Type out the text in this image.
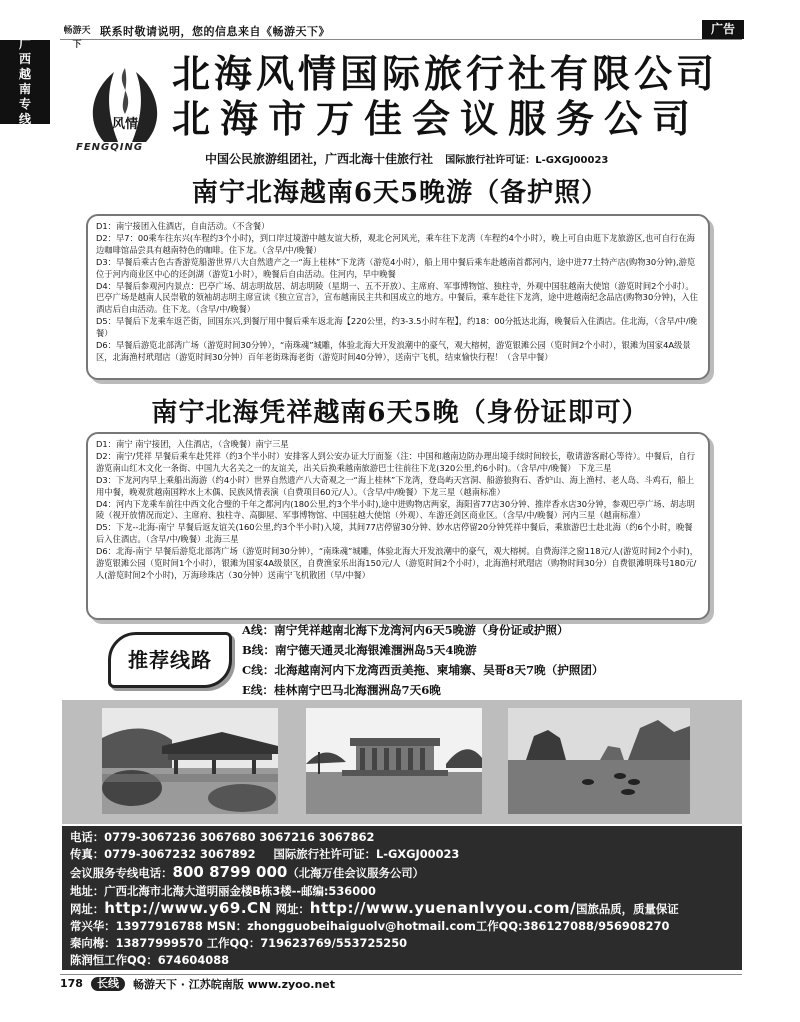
畅游天下
联系时敬请说明，您的信息来自《畅游天下》	广告
广
西
越
南
专
线	风情
FENGQING
北海风情国际旅行社有限公司
北海市万佳会议服务公司
中国公民旅游组团社，广西北海十佳旅行社 国际旅行社许可证：L-GXGJ00023
南宁北海越南6天5晚游（备护照）
D1：南宁接团入住酒店，自由活动。（不含餐）
D2：早7：00乘车往东兴(车程约3个小时)，到口岸过境游中越友谊大桥，观北仑河风光，乘车往下龙湾（车程约4个小时），晚上可自由逛下龙旅游区,也可自行在海边咖啡馆品尝具有越南特色的咖啡。住下龙。（含早/中/晚餐）
D3：早餐后乘古色古香游览船游世界八大自然遗产之一“海上桂林”下龙湾（游览4小时），船上用中餐后乘车赴越南首都河内，途中进77土特产店(购物30分钟),游览位于河内商业区中心的还剑湖（游览1小时），晚餐后自由活动。住河内，早中晚餐
D4：早餐后参观河内景点：巴亭广场、胡志明故居、胡志明陵（星期一、五不开放）、主席府、军事博物馆、独柱寺，外观中国驻越南大使馆（游览时间2个小时）。巴亭广场是越南人民崇敬的领袖胡志明主席宣读《独立宣言》，宣布越南民主共和国成立的地方。中餐后，乘车赴往下龙湾，途中进越南纪念品店(购物30分钟)，入住酒店后自由活动。住下龙。（含早/中/晚餐）
D5：早餐后下龙乘车返芒街，回国东兴,到餐厅用中餐后乘车返北海【220公里，约3-3.5小时车程】，约18：00分抵达北海，晚餐后入住酒店。住北海，（含早/中/晚餐）
D6：早餐后游览北部湾广场（游览时间30分钟），“南珠魂”城雕，体验北海大开发浪潮中的豪气，观大榕树，游览银滩公园（览时间2个小时），银滩为国家4A级景区，北海渔村玳瑁店（游览时间30分钟）百年老街珠海老街（游览时间40分钟），送南宁飞机，结束愉快行程！（含早中餐）
南宁北海凭祥越南6天5晚（身份证即可）
D1：南宁 南宁接团，入住酒店，（含晚餐）南宁三星
D2：南宁/凭祥 早餐后乘车赴凭祥（约3个半小时）安排客人到公安办证大厅面鉴（注：中国和越南边防办理出境手续时间较长，敬请游客耐心等待）。中餐后，自行游览南山红木文化一条街、中国九大名关之一的友谊关，出关后换乘越南旅游巴士往前往下龙(320公里,约6小时)。（含早/中/晚餐） 下龙三星
D3：下龙河内早上乘船出海游（约4小时）世界自然遗产八大奇观之一“海上桂林”下龙湾，登岛屿天宫洞、船游狼狗石、香炉山、海上渔村、老人岛、斗鸡石，船上用中餐，晚观赏越南国粹水上木偶、民族风情表演（自费项目60元/人）。（含早/中/晚餐）下龙三星（越南标准）
D4：河内下龙乘车前往中西文化合璧的千年之都河内(180公里,约3个半小时),途中进购物店两家，海阳省77店30分钟、推岸香水店30分钟，参观巴亭广场、胡志明陵（视开放情况而定）、主席府、独柱寺、高脚屋、军事博物馆、中国驻越大使馆（外观）、车游还剑区商业区。（含早/中/晚餐）河内三星（越南标准）
D5：下龙--北海-南宁 早餐后返友谊关(160公里,约3个半小时)入境，其间77店停留30分钟、妙水店停留20分钟凭祥中餐后，乘旅游巴士赴北海（约6个小时，晚餐后入住酒店。（含早/中/晚餐）北海三星
D6：北海-南宁 早餐后游览北部湾广场（游览时间30分钟），“南珠魂”城雕，体验北海大开发浪潮中的豪气，观大榕树。自费海洋之窗118元/人(游览时间2个小时)，游览银滩公园（览时间1个小时），银滩为国家4A级景区，自费渔家乐出海150元/人（游览时间2个小时），北海渔村玳瑁店（购物时间30分）自费银滩明珠号180元/人(游览时间2个小时)，万海珍珠店（30分钟）送南宁飞机散团（早/中餐）
推荐线路
A线：南宁凭祥越南北海下龙湾河内6天5晚游（身份证或护照）
B线：南宁德天通灵北海银滩涠洲岛5天4晚游
C线：北海越南河内下龙湾西贡美拖、柬埔寨、吴哥8天7晚（护照团）
E线：桂林南宁巴马北海涠洲岛7天6晚
电话：0779-3067236 3067680 3067216 3067862
传真：0779-3067232 3067892 国际旅行社许可证：L-GXGJ00023
会议服务专线电话：800 8799 000（北海万佳会议服务公司）
地址：广西北海市北海大道明丽金楼B栋3楼--邮编:536000
网址：http://www.y69.CN 网址：http://www.yuenanlvyou.com/国旅品质，质量保证
常兴华：13977916788 MSN：zhongguobeihaiguolv@hotmail.com工作QQ:386127088/956908270
秦向梅：13877999570 工作QQ：719623769/553725250
陈润恒工作QQ：674604088
178	长线	畅游天下 · 江苏皖南版 www.zyoo.net
